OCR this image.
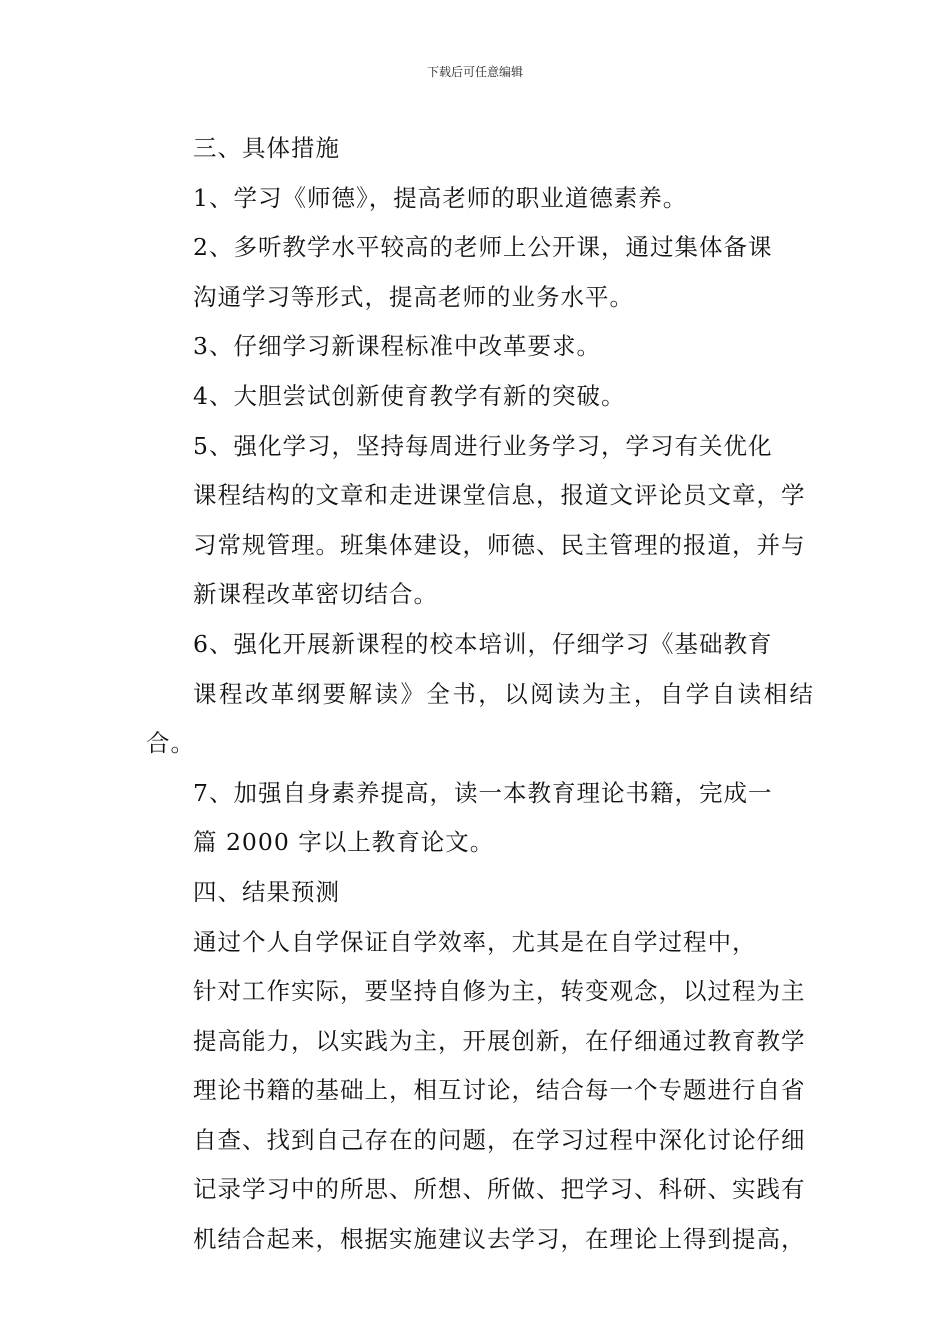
下载后可任意编辑

三、具体措施

1、学习《师德》，提高老师的职业道德素养。

2、多听教学水平较高的老师上公开课，通过集体备课
沟通学习等形式，提高老师的业务水平。

3、仔细学习新课程标准中改革要求。

4、大胆尝试创新使育教学有新的突破。

5、强化学习，坚持每周进行业务学习，学习有关优化
课程结构的文章和走进课堂信息，报道文评论员文章，学
习常规管理。班集体建设，师德、民主管理的报道，并与
新课程改革密切结合。

6、强化开展新课程的校本培训，仔细学习《基础教育
课程改革纲要解读》全书，以阅读为主，自学自读相结合。

7、加强自身素养提高，读一本教育理论书籍，完成一
篇 2000 字以上教育论文。

四、结果预测

通过个人自学保证自学效率，尤其是在自学过程中，
针对工作实际，要坚持自修为主，转变观念，以过程为主
提高能力，以实践为主，开展创新，在仔细通过教育教学
理论书籍的基础上，相互讨论，结合每一个专题进行自省
自查、找到自己存在的问题，在学习过程中深化讨论仔细
记录学习中的所思、所想、所做、把学习、科研、实践有
机结合起来，根据实施建议去学习，在理论上得到提高，
